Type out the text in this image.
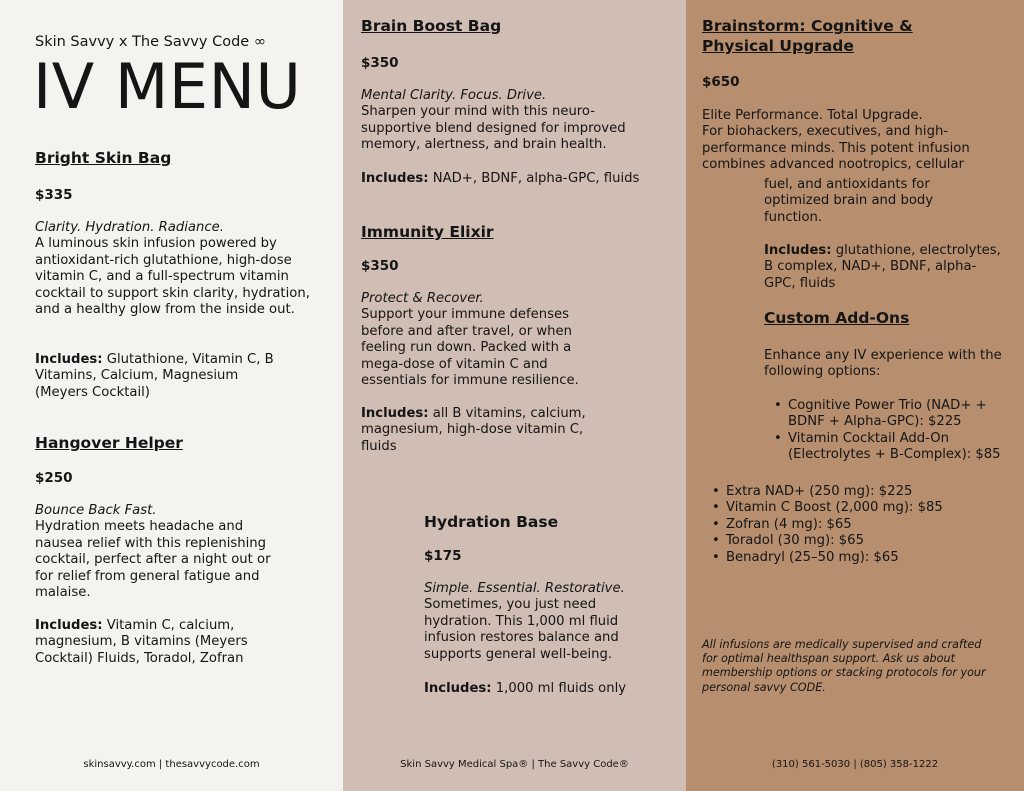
Skin Savvy x The Savvy Code ∞
IV MENU
Bright Skin Bag

$335

Clarity. Hydration. Radiance.
A luminous skin infusion powered by antioxidant-rich glutathione, high-dose vitamin C, and a full-spectrum vitamin cocktail to support skin clarity, hydration, and a healthy glow from the inside out.
Includes: Glutathione, Vitamin C, B Vitamins, Calcium, Magnesium (Meyers Cocktail)
Hangover Helper

$250

Bounce Back Fast.
Hydration meets headache and nausea relief with this replenishing cocktail, perfect after a night out or for relief from general fatigue and malaise.
Includes: Vitamin C, calcium, magnesium, B vitamins (Meyers Cocktail) Fluids, Toradol, Zofran
skinsavvy.com | thesavvycode.com
Brain Boost Bag

$350

Mental Clarity. Focus. Drive.
Sharpen your mind with this neuro-supportive blend designed for improved memory, alertness, and brain health.
Includes: NAD+, BDNF, alpha-GPC, fluids
Immunity Elixir

$350

Protect & Recover.
Support your immune defenses before and after travel, or when feeling run down. Packed with a mega-dose of vitamin C and essentials for immune resilience.
Includes: all B vitamins, calcium, magnesium, high-dose vitamin C, fluids
Hydration Base

$175

Simple. Essential. Restorative.
Sometimes, you just need hydration. This 1,000 ml fluid infusion restores balance and supports general well-being.
Includes: 1,000 ml fluids only
Skin Savvy Medical Spa® | The Savvy Code®
Brainstorm: Cognitive & Physical Upgrade

$650

Elite Performance. Total Upgrade.
For biohackers, executives, and high-performance minds. This potent infusion combines advanced nootropics, cellular
fuel, and antioxidants for optimized brain and body function.
Includes: glutathione, electrolytes, B complex, NAD+, BDNF, alpha-GPC, fluids
Custom Add-Ons
Enhance any IV experience with the following options:
• Cognitive Power Trio (NAD+ + BDNF + Alpha-GPC): $225
• Vitamin Cocktail Add-On (Electrolytes + B-Complex): $85
• Extra NAD+ (250 mg): $225
• Vitamin C Boost (2,000 mg): $85
• Zofran (4 mg): $65
• Toradol (30 mg): $65
• Benadryl (25–50 mg): $65
All infusions are medically supervised and crafted for optimal healthspan support. Ask us about membership options or stacking protocols for your personal savvy CODE.
(310) 561-5030 | (805) 358-1222
